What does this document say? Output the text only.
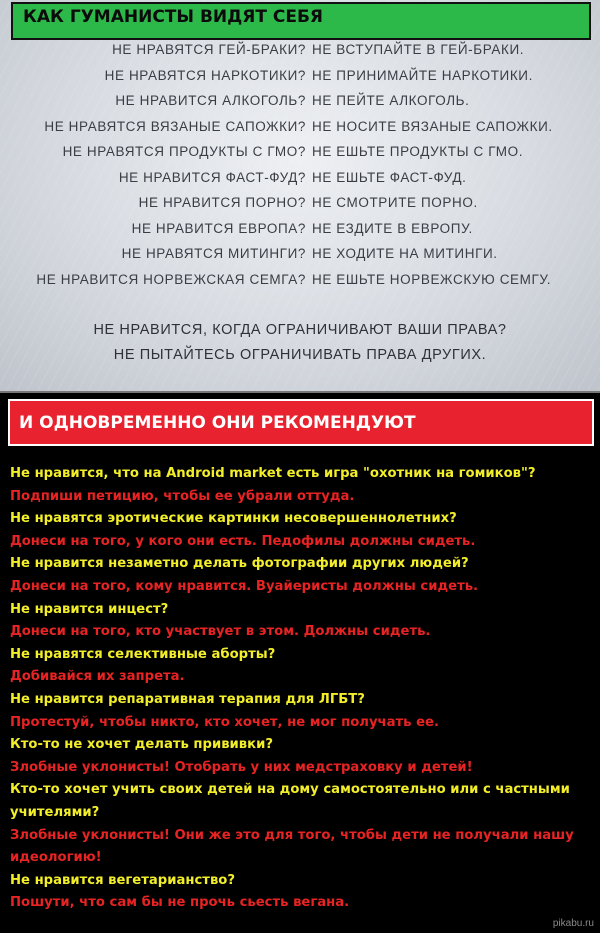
КАК ГУМАНИСТЫ ВИДЯТ СЕБЯ
НЕ НРАВЯТСЯ ГЕЙ-БРАКИ? НЕ ВСТУПАЙТЕ В ГЕЙ-БРАКИ.
НЕ НРАВЯТСЯ НАРКОТИКИ? НЕ ПРИНИМАЙТЕ НАРКОТИКИ.
НЕ НРАВИТСЯ АЛКОГОЛЬ? НЕ ПЕЙТЕ АЛКОГОЛЬ.
НЕ НРАВЯТСЯ ВЯЗАНЫЕ САПОЖКИ? НЕ НОСИТЕ ВЯЗАНЫЕ САПОЖКИ.
НЕ НРАВЯТСЯ ПРОДУКТЫ С ГМО? НЕ ЕШЬТЕ ПРОДУКТЫ С ГМО.
НЕ НРАВИТСЯ ФАСТ-ФУД? НЕ ЕШЬТЕ ФАСТ-ФУД.
НЕ НРАВИТСЯ ПОРНО? НЕ СМОТРИТЕ ПОРНО.
НЕ НРАВИТСЯ ЕВРОПА? НЕ ЕЗДИТЕ В ЕВРОПУ.
НЕ НРАВЯТСЯ МИТИНГИ? НЕ ХОДИТЕ НА МИТИНГИ.
НЕ НРАВИТСЯ НОРВЕЖСКАЯ СЕМГА? НЕ ЕШЬТЕ НОРВЕЖСКУЮ СЕМГУ.
НЕ НРАВИТСЯ, КОГДА ОГРАНИЧИВАЮТ ВАШИ ПРАВА?
НЕ ПЫТАЙТЕСЬ ОГРАНИЧИВАТЬ ПРАВА ДРУГИХ.
И ОДНОВРЕМЕННО ОНИ РЕКОМЕНДУЮТ
Не нравится, что на Android market есть игра "охотник на гомиков"?
Подпиши петицию, чтобы ее убрали оттуда.
Не нравятся эротические картинки несовершеннолетних?
Донеси на того, у кого они есть. Педофилы должны сидеть.
Не нравится незаметно делать фотографии других людей?
Донеси на того, кому нравится. Вуайеристы должны сидеть.
Не нравится инцест?
Донеси на того, кто участвует в этом. Должны сидеть.
Не нравятся селективные аборты?
Добивайся их запрета.
Не нравится репаративная терапия для ЛГБТ?
Протестуй, чтобы никто, кто хочет, не мог получать ее.
Кто-то не хочет делать прививки?
Злобные уклонисты! Отобрать у них медстраховку и детей!
Кто-то хочет учить своих детей на дому самостоятельно или с частными учителями?
Злобные уклонисты! Они же это для того, чтобы дети не получали нашу идеологию!
Не нравится вегетарианство?
Пошути, что сам бы не прочь сьесть вегана.
pikabu.ru
